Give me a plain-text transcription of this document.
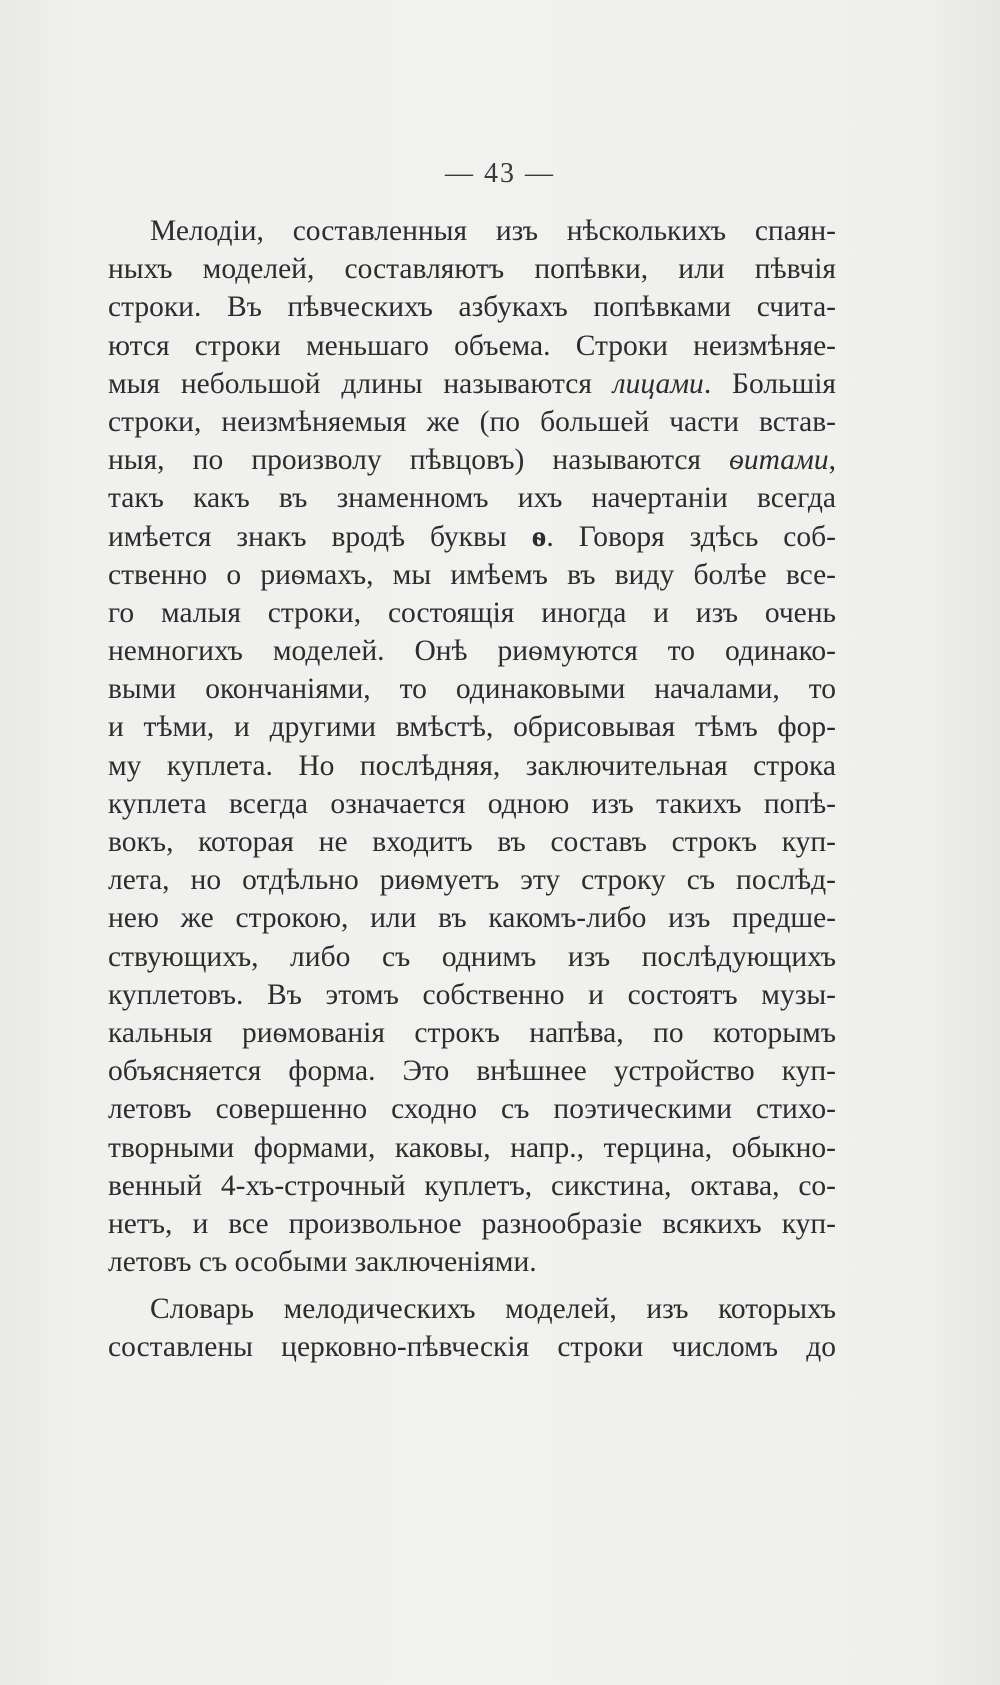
— 43 —
Мелодіи, составленныя изъ нѣсколькихъ спаян-
ныхъ моделей, составляютъ попѣвки, или пѣвчія
строки. Въ пѣвческихъ азбукахъ попѣвками счита-
ются строки меньшаго объема. Строки неизмѣняе-
мыя небольшой длины называются лицами. Большія
строки, неизмѣняемыя же (по большей части встав-
ныя, по произволу пѣвцовъ) называются ѳитами,
такъ какъ въ знаменномъ ихъ начертаніи всегда
имѣется знакъ вродѣ буквы ѳ. Говоря здѣсь соб-
ственно о риѳмахъ, мы имѣемъ въ виду болѣе все-
го малыя строки, состоящія иногда и изъ очень
немногихъ моделей. Онѣ риѳмуются то одинако-
выми окончаніями, то одинаковыми началами, то
и тѣми, и другими вмѣстѣ, обрисовывая тѣмъ фор-
му куплета. Но послѣдняя, заключительная строка
куплета всегда означается одною изъ такихъ попѣ-
вокъ, которая не входитъ въ составъ строкъ куп-
лета, но отдѣльно риѳмуетъ эту строку съ послѣд-
нею же строкою, или въ какомъ-либо изъ предше-
ствующихъ, либо съ однимъ изъ послѣдующихъ
куплетовъ. Въ этомъ собственно и состоятъ музы-
кальныя риѳмованія строкъ напѣва, по которымъ
объясняется форма. Это внѣшнее устройство куп-
летовъ совершенно сходно съ поэтическими стихо-
творными формами, каковы, напр., терцина, обыкно-
венный 4-хъ-строчный куплетъ, сикстина, октава, со-
нетъ, и все произвольное разнообразіе всякихъ куп-
летовъ съ особыми заключеніями.
Словарь мелодическихъ моделей, изъ которыхъ
составлены церковно-пѣвческія строки числомъ до
